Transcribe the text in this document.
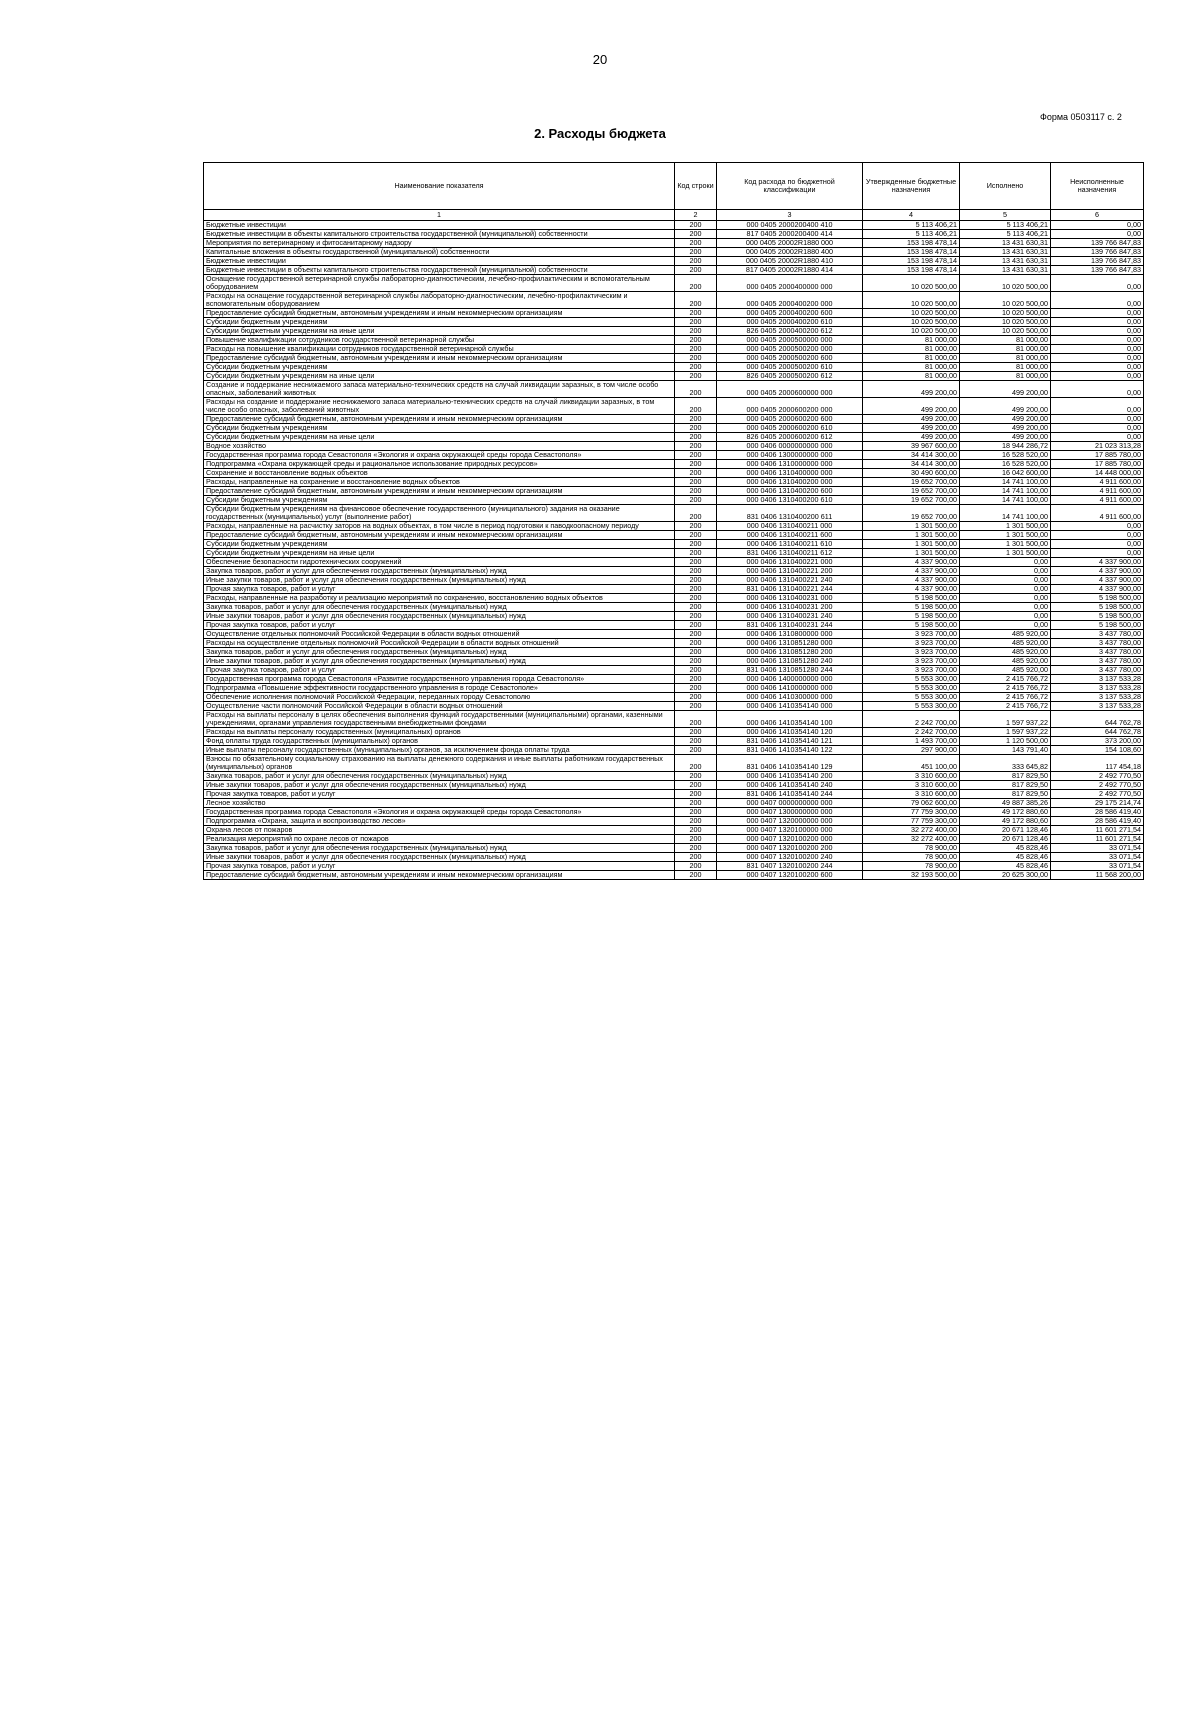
20
Форма 0503117 с. 2
2. Расходы бюджета
Наименование показателя	Код строки	Код расхода по бюджетной классификации	Утвержденные бюджетные назначения	Исполнено	Неисполненные назначения
1	2	3	4	5	6
Бюджетные инвестиции	200	000 0405 2000200400 410	5 113 406,21	5 113 406,21	0,00
Бюджетные инвестиции в объекты капитального строительства государственной (муниципальной) собственности	200	817 0405 2000200400 414	5 113 406,21	5 113 406,21	0,00
Мероприятия по ветеринарному и фитосанитарному надзору	200	000 0405 20002R1880 000	153 198 478,14	13 431 630,31	139 766 847,83
Капитальные вложения в объекты государственной (муниципальной) собственности	200	000 0405 20002R1880 400	153 198 478,14	13 431 630,31	139 766 847,83
Бюджетные инвестиции	200	000 0405 20002R1880 410	153 198 478,14	13 431 630,31	139 766 847,83
Бюджетные инвестиции в объекты капитального строительства государственной (муниципальной) собственности	200	817 0405 20002R1880 414	153 198 478,14	13 431 630,31	139 766 847,83
Оснащение государственной ветеринарной службы лабораторно-диагностическим, лечебно-профилактическим и вспомогательным оборудованием	200	000 0405 2000400000 000	10 020 500,00	10 020 500,00	0,00
Расходы на оснащение государственной ветеринарной службы лабораторно-диагностическим, лечебно-профилактическим и вспомогательным оборудованием	200	000 0405 2000400200 000	10 020 500,00	10 020 500,00	0,00
Предоставление субсидий бюджетным, автономным учреждениям и иным некоммерческим организациям	200	000 0405 2000400200 600	10 020 500,00	10 020 500,00	0,00
Субсидии бюджетным учреждениям	200	000 0405 2000400200 610	10 020 500,00	10 020 500,00	0,00
Субсидии бюджетным учреждениям на иные цели	200	826 0405 2000400200 612	10 020 500,00	10 020 500,00	0,00
Повышение квалификации сотрудников государственной ветеринарной службы	200	000 0405 2000500000 000	81 000,00	81 000,00	0,00
Расходы на повышение квалификации сотрудников государственной ветеринарной службы	200	000 0405 2000500200 000	81 000,00	81 000,00	0,00
Предоставление субсидий бюджетным, автономным учреждениям и иным некоммерческим организациям	200	000 0405 2000500200 600	81 000,00	81 000,00	0,00
Субсидии бюджетным учреждениям	200	000 0405 2000500200 610	81 000,00	81 000,00	0,00
Субсидии бюджетным учреждениям на иные цели	200	826 0405 2000500200 612	81 000,00	81 000,00	0,00
Создание и поддержание неснижаемого запаса материально-технических средств на случай ликвидации заразных, в том числе особо опасных, заболеваний животных	200	000 0405 2000600000 000	499 200,00	499 200,00	0,00
Расходы на создание и поддержание неснижаемого запаса материально-технических средств на случай ликвидации заразных, в том числе особо опасных, заболеваний животных	200	000 0405 2000600200 000	499 200,00	499 200,00	0,00
Предоставление субсидий бюджетным, автономным учреждениям и иным некоммерческим организациям	200	000 0405 2000600200 600	499 200,00	499 200,00	0,00
Субсидии бюджетным учреждениям	200	000 0405 2000600200 610	499 200,00	499 200,00	0,00
Субсидии бюджетным учреждениям на иные цели	200	826 0405 2000600200 612	499 200,00	499 200,00	0,00
Водное хозяйство	200	000 0406 0000000000 000	39 967 600,00	18 944 286,72	21 023 313,28
Государственная программа города Севастополя «Экология и охрана окружающей среды города Севастополя»	200	000 0406 1300000000 000	34 414 300,00	16 528 520,00	17 885 780,00
Подпрограмма «Охрана окружающей среды и рациональное использование природных ресурсов»	200	000 0406 1310000000 000	34 414 300,00	16 528 520,00	17 885 780,00
Сохранение и восстановление водных объектов	200	000 0406 1310400000 000	30 490 600,00	16 042 600,00	14 448 000,00
Расходы, направленные на сохранение и восстановление водных объектов	200	000 0406 1310400200 000	19 652 700,00	14 741 100,00	4 911 600,00
Предоставление субсидий бюджетным, автономным учреждениям и иным некоммерческим организациям	200	000 0406 1310400200 600	19 652 700,00	14 741 100,00	4 911 600,00
Субсидии бюджетным учреждениям	200	000 0406 1310400200 610	19 652 700,00	14 741 100,00	4 911 600,00
Субсидии бюджетным учреждениям на финансовое обеспечение государственного (муниципального) задания на оказание государственных (муниципальных) услуг (выполнение работ)	200	831 0406 1310400200 611	19 652 700,00	14 741 100,00	4 911 600,00
Расходы, направленные на расчистку заторов на водных объектах, в том числе в период подготовки к паводкоопасному периоду	200	000 0406 1310400211 000	1 301 500,00	1 301 500,00	0,00
Предоставление субсидий бюджетным, автономным учреждениям и иным некоммерческим организациям	200	000 0406 1310400211 600	1 301 500,00	1 301 500,00	0,00
Субсидии бюджетным учреждениям	200	000 0406 1310400211 610	1 301 500,00	1 301 500,00	0,00
Субсидии бюджетным учреждениям на иные цели	200	831 0406 1310400211 612	1 301 500,00	1 301 500,00	0,00
Обеспечение безопасности гидротехнических сооружений	200	000 0406 1310400221 000	4 337 900,00	0,00	4 337 900,00
Закупка товаров, работ и услуг для обеспечения государственных (муниципальных) нужд	200	000 0406 1310400221 200	4 337 900,00	0,00	4 337 900,00
Иные закупки товаров, работ и услуг для обеспечения государственных (муниципальных) нужд	200	000 0406 1310400221 240	4 337 900,00	0,00	4 337 900,00
Прочая закупка товаров, работ и услуг	200	831 0406 1310400221 244	4 337 900,00	0,00	4 337 900,00
Расходы, направленные на разработку и реализацию мероприятий по сохранению, восстановлению водных объектов	200	000 0406 1310400231 000	5 198 500,00	0,00	5 198 500,00
Закупка товаров, работ и услуг для обеспечения государственных (муниципальных) нужд	200	000 0406 1310400231 200	5 198 500,00	0,00	5 198 500,00
Иные закупки товаров, работ и услуг для обеспечения государственных (муниципальных) нужд	200	000 0406 1310400231 240	5 198 500,00	0,00	5 198 500,00
Прочая закупка товаров, работ и услуг	200	831 0406 1310400231 244	5 198 500,00	0,00	5 198 500,00
Осуществление отдельных полномочий Российской Федерации в области водных отношений	200	000 0406 1310800000 000	3 923 700,00	485 920,00	3 437 780,00
Расходы на осуществление отдельных полномочий Российской Федерации в области водных отношений	200	000 0406 1310851280 000	3 923 700,00	485 920,00	3 437 780,00
Закупка товаров, работ и услуг для обеспечения государственных (муниципальных) нужд	200	000 0406 1310851280 200	3 923 700,00	485 920,00	3 437 780,00
Иные закупки товаров, работ и услуг для обеспечения государственных (муниципальных) нужд	200	000 0406 1310851280 240	3 923 700,00	485 920,00	3 437 780,00
Прочая закупка товаров, работ и услуг	200	831 0406 1310851280 244	3 923 700,00	485 920,00	3 437 780,00
Государственная программа города Севастополя «Развитие государственного управления города Севастополя»	200	000 0406 1400000000 000	5 553 300,00	2 415 766,72	3 137 533,28
Подпрограмма «Повышение эффективности государственного управления в городе Севастополе»	200	000 0406 1410000000 000	5 553 300,00	2 415 766,72	3 137 533,28
Обеспечение исполнения полномочий Российской Федерации, переданных городу Севастополю	200	000 0406 1410300000 000	5 553 300,00	2 415 766,72	3 137 533,28
Осуществление части полномочий Российской Федерации в области водных отношений	200	000 0406 1410354140 000	5 553 300,00	2 415 766,72	3 137 533,28
Расходы на выплаты персоналу в целях обеспечения выполнения функций государственными (муниципальными) органами, казенными учреждениями, органами управления государственными внебюджетными фондами	200	000 0406 1410354140 100	2 242 700,00	1 597 937,22	644 762,78
Расходы на выплаты персоналу государственных (муниципальных) органов	200	000 0406 1410354140 120	2 242 700,00	1 597 937,22	644 762,78
Фонд оплаты труда государственных (муниципальных) органов	200	831 0406 1410354140 121	1 493 700,00	1 120 500,00	373 200,00
Иные выплаты персоналу государственных (муниципальных) органов, за исключением фонда оплаты труда	200	831 0406 1410354140 122	297 900,00	143 791,40	154 108,60
Взносы по обязательному социальному страхованию на выплаты денежного содержания и иные выплаты работникам государственных (муниципальных) органов	200	831 0406 1410354140 129	451 100,00	333 645,82	117 454,18
Закупка товаров, работ и услуг для обеспечения государственных (муниципальных) нужд	200	000 0406 1410354140 200	3 310 600,00	817 829,50	2 492 770,50
Иные закупки товаров, работ и услуг для обеспечения государственных (муниципальных) нужд	200	000 0406 1410354140 240	3 310 600,00	817 829,50	2 492 770,50
Прочая закупка товаров, работ и услуг	200	831 0406 1410354140 244	3 310 600,00	817 829,50	2 492 770,50
Лесное хозяйство	200	000 0407 0000000000 000	79 062 600,00	49 887 385,26	29 175 214,74
Государственная программа города Севастополя «Экология и охрана окружающей среды города Севастополя»	200	000 0407 1300000000 000	77 759 300,00	49 172 880,60	28 586 419,40
Подпрограмма «Охрана, защита и воспроизводство лесов»	200	000 0407 1320000000 000	77 759 300,00	49 172 880,60	28 586 419,40
Охрана лесов от пожаров	200	000 0407 1320100000 000	32 272 400,00	20 671 128,46	11 601 271,54
Реализация мероприятий по охране лесов от пожаров	200	000 0407 1320100200 000	32 272 400,00	20 671 128,46	11 601 271,54
Закупка товаров, работ и услуг для обеспечения государственных (муниципальных) нужд	200	000 0407 1320100200 200	78 900,00	45 828,46	33 071,54
Иные закупки товаров, работ и услуг для обеспечения государственных (муниципальных) нужд	200	000 0407 1320100200 240	78 900,00	45 828,46	33 071,54
Прочая закупка товаров, работ и услуг	200	831 0407 1320100200 244	78 900,00	45 828,46	33 071,54
Предоставление субсидий бюджетным, автономным учреждениям и иным некоммерческим организациям	200	000 0407 1320100200 600	32 193 500,00	20 625 300,00	11 568 200,00
